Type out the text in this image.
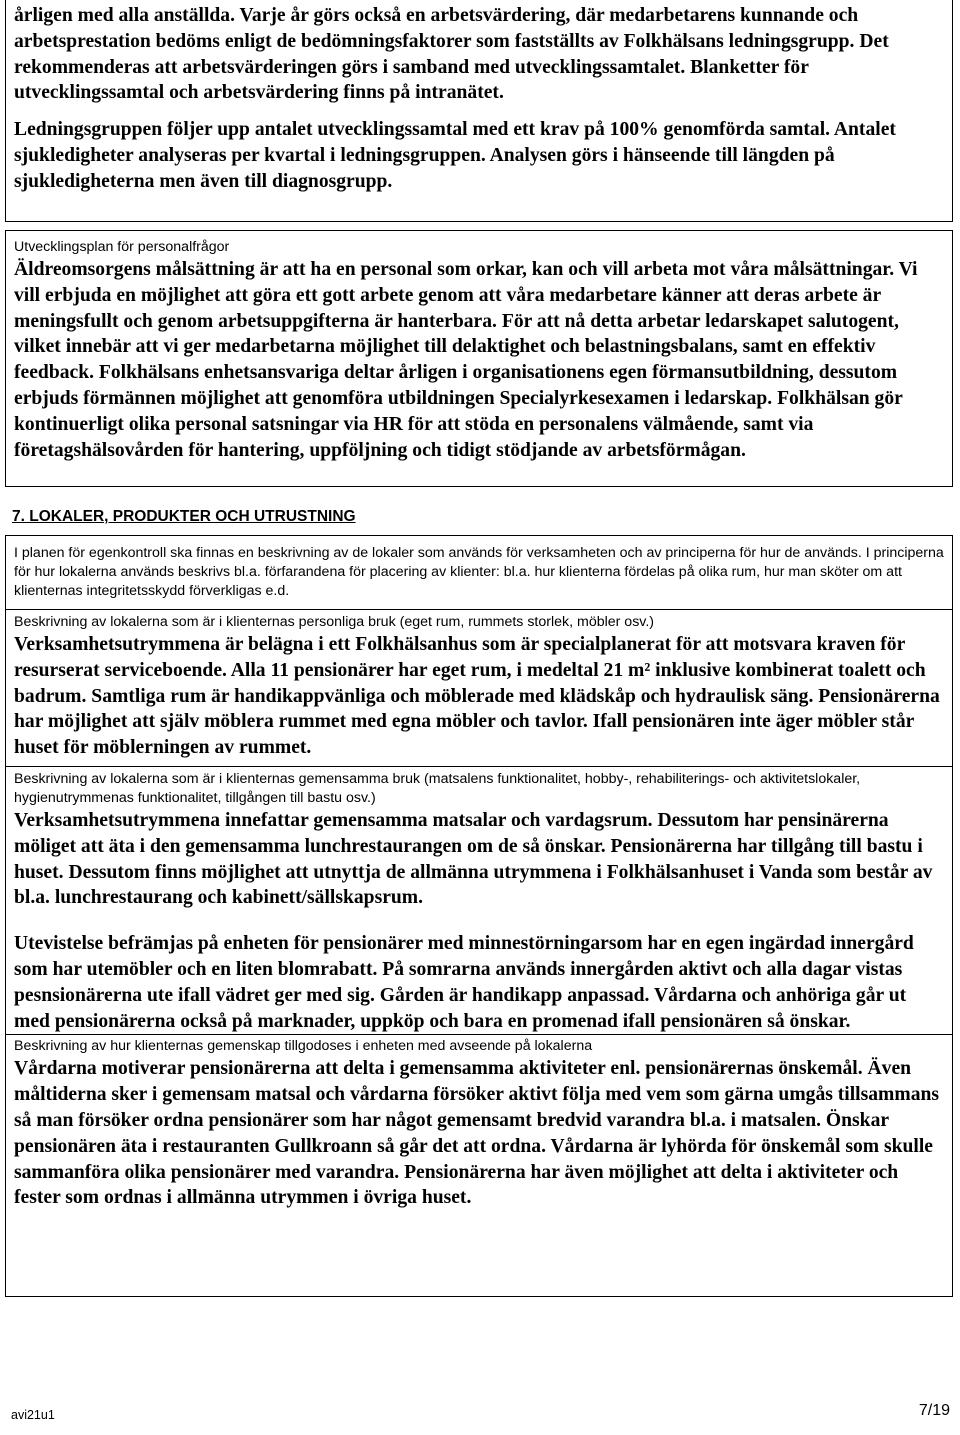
årligen med alla anställda. Varje år görs också en arbetsvärdering, där medarbetarens kunnande och arbetsprestation bedöms enligt de bedömningsfaktorer som fastställts av Folkhälsans ledningsgrupp. Det rekommenderas att arbetsvärderingen görs i samband med utvecklingssamtalet. Blanketter för utvecklingssamtal och arbetsvärdering finns på intranätet.

Ledningsgruppen följer upp antalet utvecklingssamtal med ett krav på 100% genomförda samtal. Antalet sjukledigheter analyseras per kvartal i ledningsgruppen. Analysen görs i hänseende till längden på sjukledigheterna men även till diagnosgrupp.

Utvecklingsplan för personalfrågor

Äldreomsorgens målsättning är att ha en personal som orkar, kan och vill arbeta mot våra målsättningar. Vi vill erbjuda en möjlighet att göra ett gott arbete genom att våra medarbetare känner att deras arbete är meningsfullt och genom arbetsuppgifterna är hanterbara. För att nå detta arbetar ledarskapet salutogent, vilket innebär att vi ger medarbetarna möjlighet till delaktighet och belastningsbalans, samt en effektiv feedback. Folkhälsans enhetsansvariga deltar årligen i organisationens egen förmansutbildning, dessutom erbjuds förmännen möjlighet att genomföra utbildningen Specialyrkesexamen i ledarskap. Folkhälsan gör kontinuerligt olika personal satsningar via HR för att stöda en personalens välmående, samt via företagshälsovården för hantering, uppföljning och tidigt stödjande av arbetsförmågan.

7. LOKALER, PRODUKTER OCH UTRUSTNING

I planen för egenkontroll ska finnas en beskrivning av de lokaler som används för verksamheten och av principerna för hur de används. I principerna för hur lokalerna används beskrivs bl.a. förfarandena för placering av klienter: bl.a. hur klienterna fördelas på olika rum, hur man sköter om att klienternas integritetsskydd förverkligas e.d.

Beskrivning av lokalerna som är i klienternas personliga bruk (eget rum, rummets storlek, möbler osv.)

Verksamhetsutrymmena är belägna i ett Folkhälsanhus som är specialplanerat för att motsvara kraven för resurserat serviceboende. Alla 11 pensionärer har eget rum, i medeltal 21 m² inklusive kombinerat toalett och badrum. Samtliga rum är handikappvänliga och möblerade med klädskåp och hydraulisk säng. Pensionärerna har möjlighet att själv möblera rummet med egna möbler och tavlor. Ifall pensionären inte äger möbler står huset för möblerningen av rummet.

Beskrivning av lokalerna som är i klienternas gemensamma bruk (matsalens funktionalitet, hobby-, rehabiliterings- och aktivitetslokaler, hygienutrymmenas funktionalitet, tillgången till bastu osv.)

Verksamhetsutrymmena innefattar gemensamma matsalar och vardagsrum. Dessutom har pensinärerna möliget att äta i den gemensamma lunchrestaurangen om de så önskar. Pensionärerna har tillgång till bastu i huset. Dessutom finns möjlighet att utnyttja de allmänna utrymmena i Folkhälsanhuset i Vanda som består av bl.a. lunchrestaurang och kabinett/sällskapsrum.

Utevistelse befrämjas på enheten för pensionärer med minnestörningarsom har en egen ingärdad innergård som har utemöbler och en liten blomrabatt. På somrarna används innergården aktivt och alla dagar vistas pesnsionärerna ute ifall vädret ger med sig. Gården är handikapp anpassad. Vårdarna och anhöriga går ut med pensionärerna också på marknader, uppköp och bara en promenad ifall pensionären så önskar.

Beskrivning av hur klienternas gemenskap tillgodoses i enheten med avseende på lokalerna

Vårdarna motiverar pensionärerna att delta i gemensamma aktiviteter enl. pensionärernas önskemål. Även måltiderna sker i gemensam matsal och vårdarna försöker aktivt följa med vem som gärna umgås tillsammans så man försöker ordna pensionärer som har något gemensamt bredvid varandra bl.a. i matsalen. Önskar pensionären äta i restauranten Gullkroann så går det att ordna. Vårdarna är lyhörda för önskemål som skulle sammanföra olika pensionärer med varandra. Pensionärerna har även möjlighet att delta i aktiviteter och fester som ordnas i allmänna utrymmen i övriga huset.

avi21u1	7/19
